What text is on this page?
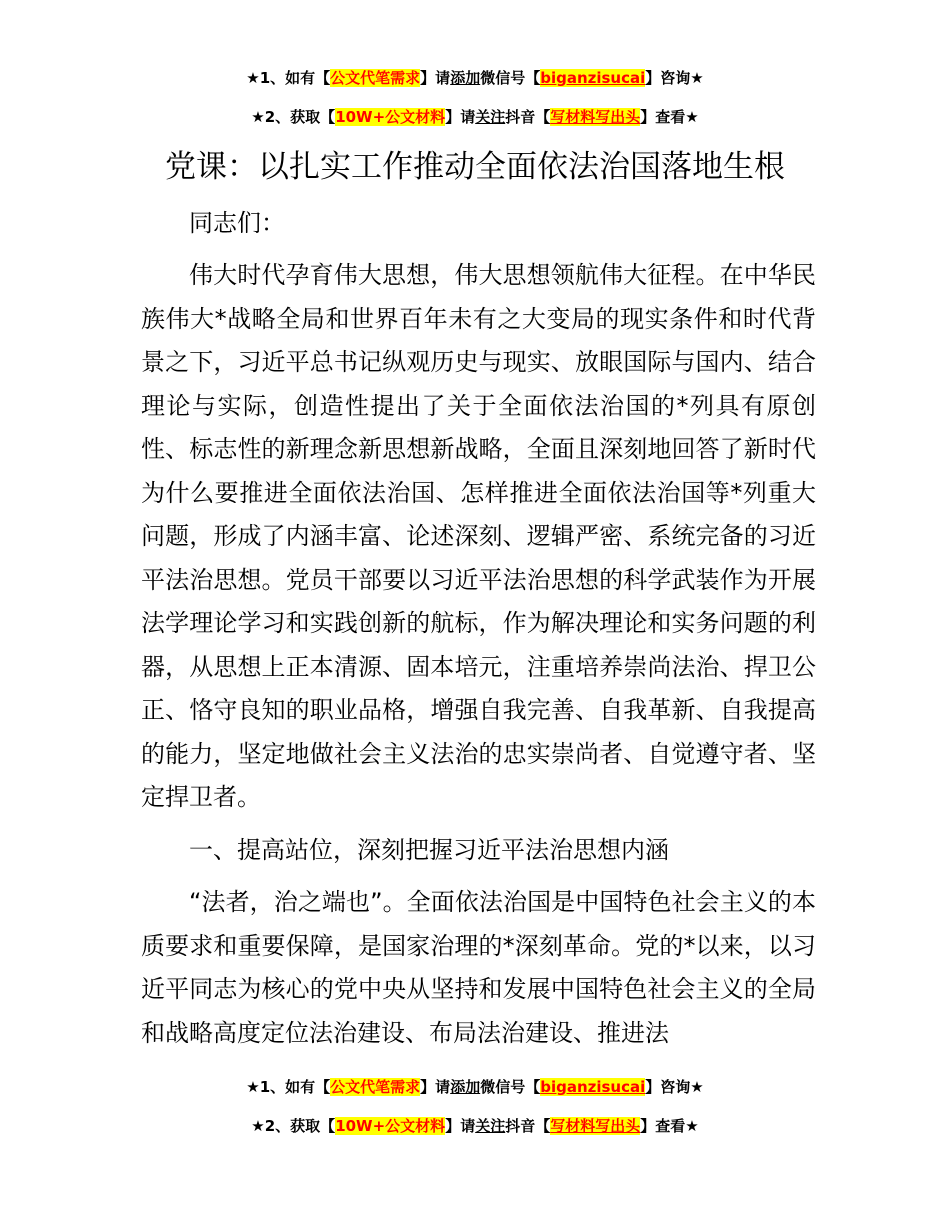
★1、如有【公文代笔需求】请添加微信号【biganzisucai】咨询★
★2、获取【10W+公文材料】请关注抖音【写材料写出头】查看★
党课：以扎实工作推动全面依法治国落地生根

同志们：

伟大时代孕育伟大思想，伟大思想领航伟大征程。在中华民族伟大*战略全局和世界百年未有之大变局的现实条件和时代背景之下，习近平总书记纵观历史与现实、放眼国际与国内、结合理论与实际，创造性提出了关于全面依法治国的*列具有原创性、标志性的新理念新思想新战略，全面且深刻地回答了新时代为什么要推进全面依法治国、怎样推进全面依法治国等*列重大问题，形成了内涵丰富、论述深刻、逻辑严密、系统完备的习近平法治思想。党员干部要以习近平法治思想的科学武装作为开展法学理论学习和实践创新的航标，作为解决理论和实务问题的利器，从思想上正本清源、固本培元，注重培养崇尚法治、捍卫公正、恪守良知的职业品格，增强自我完善、自我革新、自我提高的能力，坚定地做社会主义法治的忠实崇尚者、自觉遵守者、坚定捍卫者。

一、提高站位，深刻把握习近平法治思想内涵

“法者，治之端也”。全面依法治国是中国特色社会主义的本质要求和重要保障，是国家治理的*深刻革命。党的*以来，以习近平同志为核心的党中央从坚持和发展中国特色社会主义的全局和战略高度定位法治建设、布局法治建设、推进法

★1、如有【公文代笔需求】请添加微信号【biganzisucai】咨询★
★2、获取【10W+公文材料】请关注抖音【写材料写出头】查看★
